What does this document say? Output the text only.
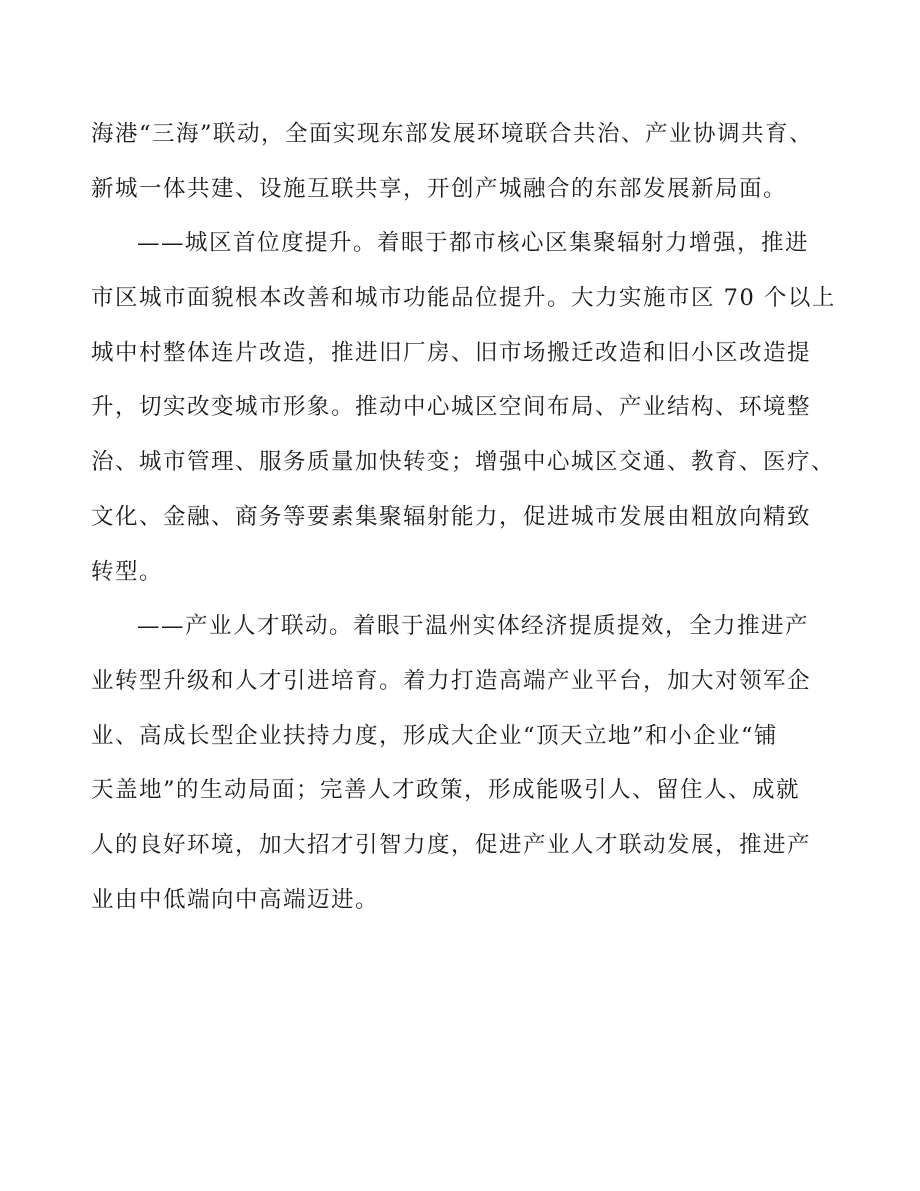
海港“三海”联动，全面实现东部发展环境联合共治、产业协调共育、
新城一体共建、设施互联共享，开创产城融合的东部发展新局面。
——城区首位度提升。着眼于都市核心区集聚辐射力增强，推进
市区城市面貌根本改善和城市功能品位提升。大力实施市区 70 个以上
城中村整体连片改造，推进旧厂房、旧市场搬迁改造和旧小区改造提
升，切实改变城市形象。推动中心城区空间布局、产业结构、环境整
治、城市管理、服务质量加快转变；增强中心城区交通、教育、医疗、
文化、金融、商务等要素集聚辐射能力，促进城市发展由粗放向精致
转型。
——产业人才联动。着眼于温州实体经济提质提效，全力推进产
业转型升级和人才引进培育。着力打造高端产业平台，加大对领军企
业、高成长型企业扶持力度，形成大企业“顶天立地”和小企业“铺
天盖地”的生动局面；完善人才政策，形成能吸引人、留住人、成就
人的良好环境，加大招才引智力度，促进产业人才联动发展，推进产
业由中低端向中高端迈进。
